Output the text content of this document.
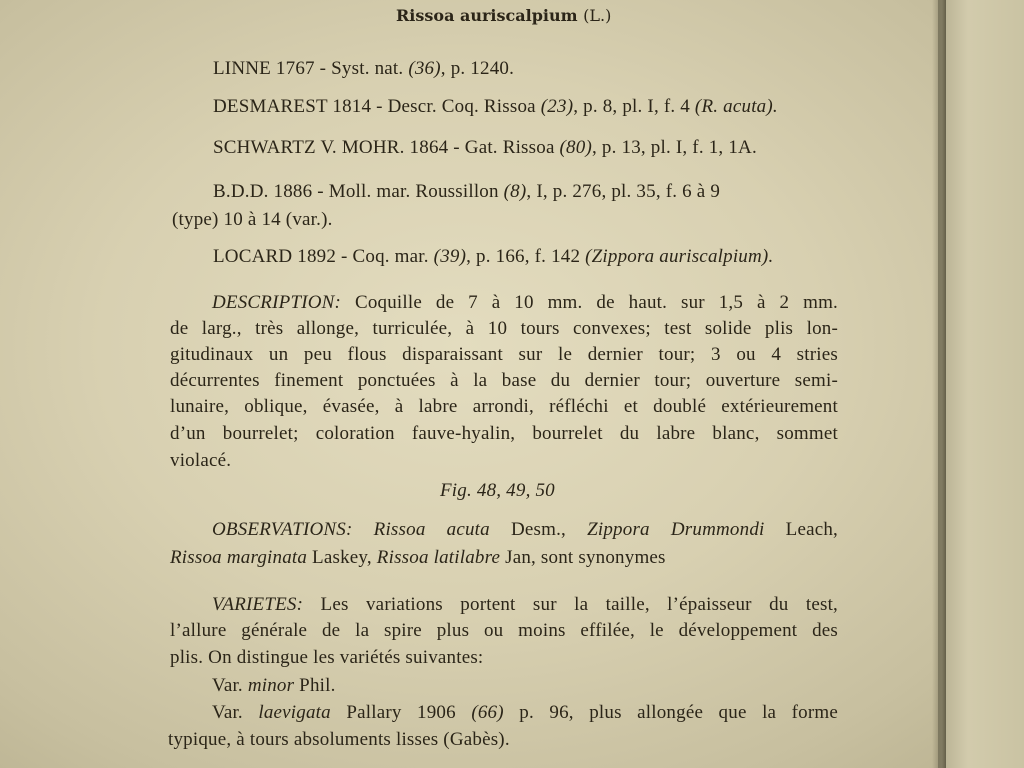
Rissoa auriscalpium (L.)
LINNE 1767 - Syst. nat. (36), p. 1240.
DESMAREST 1814 - Descr. Coq. Rissoa (23), p. 8, pl. I, f. 4 (R. acuta).
SCHWARTZ V. MOHR. 1864 - Gat. Rissoa (80), p. 13, pl. I, f. 1, 1A.
B.D.D. 1886 - Moll. mar. Roussillon (8), I, p. 276, pl. 35, f. 6 à 9
(type) 10 à 14 (var.).
LOCARD 1892 - Coq. mar. (39), p. 166, f. 142 (Zippora auriscalpium).
DESCRIPTION: Coquille de 7 à 10 mm. de haut. sur 1,5 à 2 mm.
de larg., très allonge, turriculée, à 10 tours convexes; test solide plis lon-
gitudinaux un peu flous disparaissant sur le dernier tour; 3 ou 4 stries
décurrentes finement ponctuées à la base du dernier tour; ouverture semi-
lunaire, oblique, évasée, à labre arrondi, réfléchi et doublé extérieurement
d’un bourrelet; coloration fauve-hyalin, bourrelet du labre blanc, sommet
violacé.
Fig. 48, 49, 50
OBSERVATIONS: Rissoa acuta Desm., Zippora Drummondi Leach,
Rissoa marginata Laskey, Rissoa latilabre Jan, sont synonymes
VARIETES: Les variations portent sur la taille, l’épaisseur du test,
l’allure générale de la spire plus ou moins effilée, le développement des
plis. On distingue les variétés suivantes:
Var. minor Phil.
Var. laevigata Pallary 1906 (66) p. 96, plus allongée que la forme
typique, à tours absoluments lisses (Gabès).
